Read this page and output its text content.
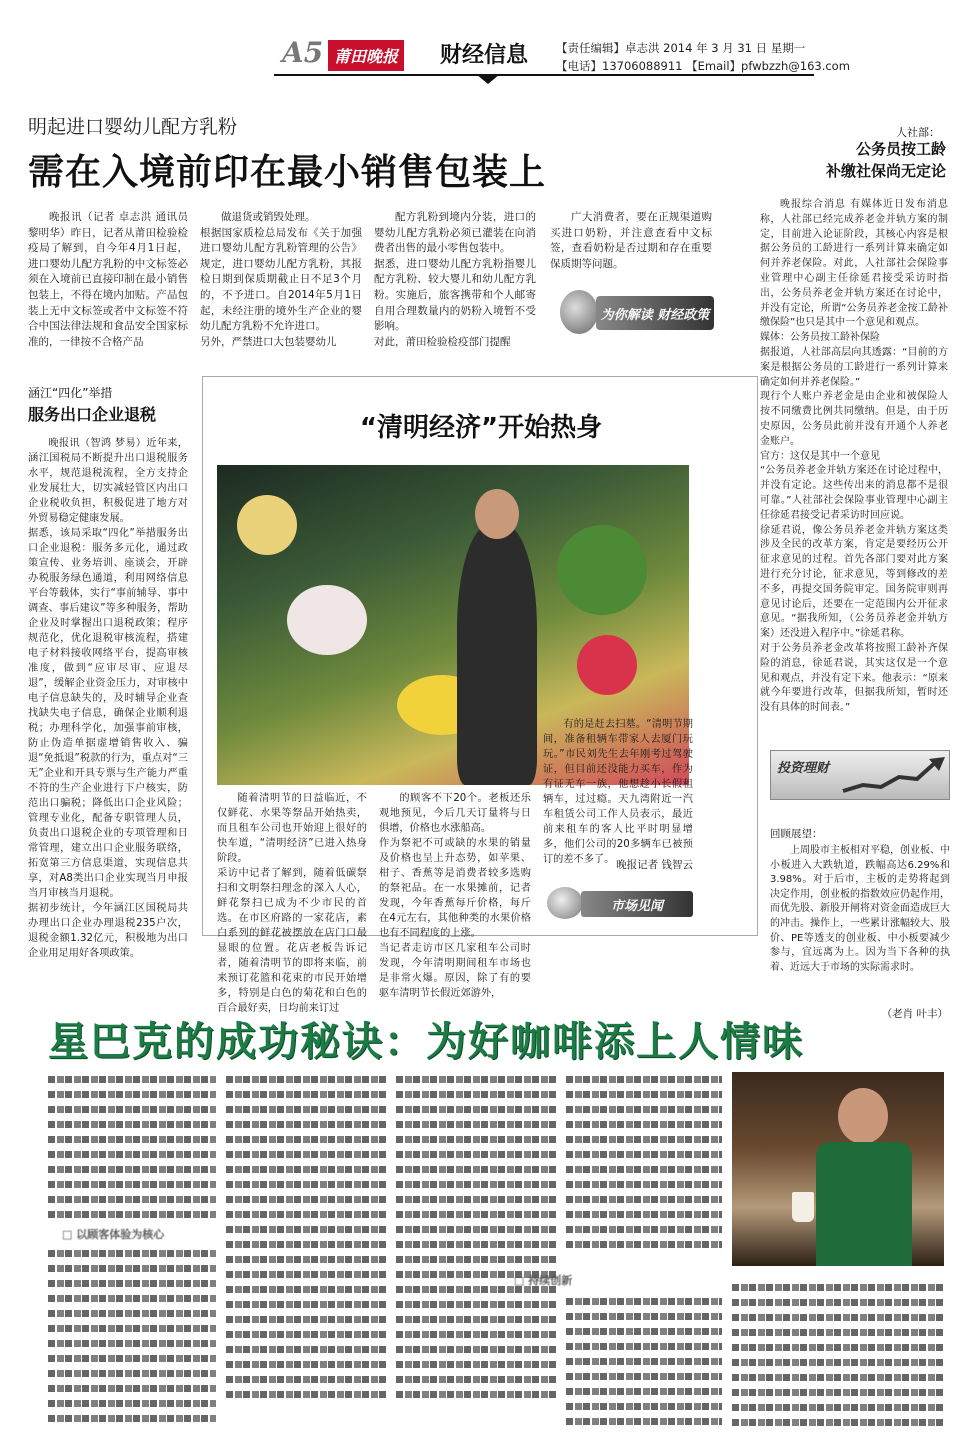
A5 莆田晚报 财经信息 【责任编辑】卓志洪 2014 年 3 月 31 日 星期一
【电话】13706088911 【Email】pfwbzzh@163.com
明起进口婴幼儿配方乳粉
需在入境前印在最小销售包装上

晚报讯（记者 卓志洪 通讯员 黎明华）昨日，记者从莆田检验检疫局了解到，自今年4月1日起，进口婴幼儿配方乳粉的中文标签必须在入境前已直接印制在最小销售包装上，不得在境内加贴。产品包装上无中文标签或者中文标签不符合中国法律法规和食品安全国家标准的，一律按不合格产品

做退货或销毁处理。
根据国家质检总局发布《关于加强进口婴幼儿配方乳粉管理的公告》规定，进口婴幼儿配方乳粉，其报检日期到保质期截止日不足3个月的，不予进口。自2014年5月1日起，未经注册的境外生产企业的婴幼儿配方乳粉不允许进口。
另外，严禁进口大包装婴幼儿

配方乳粉到境内分装，进口的婴幼儿配方乳粉必须已灌装在向消费者出售的最小零售包装中。
据悉，进口婴幼儿配方乳粉指婴儿配方乳粉、较大婴儿和幼儿配方乳粉。实施后，旅客携带和个人邮寄自用合理数量内的奶粉入境暂不受影响。
对此，莆田检验检疫部门提醒

广大消费者，要在正规渠道购买进口奶粉，并注意查看中文标签，查看奶粉是否过期和存在重要保质期等问题。

为你解读 财经政策
人社部：
公务员按工龄
补缴社保尚无定论

晚报综合消息 有媒体近日发布消息称，人社部已经完成养老金并轨方案的制定，目前进入论证阶段，其核心内容是根据公务员的工龄进行一系列计算来确定如何并养老保险。对此，人社部社会保险事业管理中心副主任徐延君接受采访时指出，公务员养老金并轨方案还在讨论中，并没有定论，所谓“公务员养老金按工龄补缴保险”也只是其中一个意见和观点。
媒体：公务员按工龄补保险
据报道，人社部高层向其透露：“目前的方案是根据公务员的工龄进行一系列计算来确定如何并养老保险。”
现行个人账户养老金是由企业和被保险人按不同缴费比例共同缴纳。但是，由于历史原因，公务员此前并没有开通个人养老金账户。
官方：这仅是其中一个意见
“公务员养老金并轨方案还在讨论过程中，并没有定论。这些传出来的消息都不是很可靠。”人社部社会保险事业管理中心副主任徐延君接受记者采访时回应说。
徐延君说，像公务员养老金并轨方案这类涉及全民的改革方案，肯定是要经历公开征求意见的过程。首先各部门要对此方案进行充分讨论，征求意见，等到修改的差不多，再提交国务院审定。国务院审则再意见讨论后，还要在一定范围内公开征求意见。“据我所知，（公务员养老金并轨方案）还没进入程序中。”徐延君称。
对于公务员养老金改革将按照工龄补齐保险的消息，徐延君说，其实这仅是一个意见和观点，并没有定下来。他表示：“原来就今年要进行改革，但据我所知，暂时还没有具体的时间表。”

投资理财
回顾展望：

上周股市主板相对平稳，创业板、中小板进入大跌轨道，跌幅高达6.29%和3.98%。对于后市，主板的走势将起到决定作用，创业板的指数效应仍起作用，而优先股、新股开闸将对资金面造成巨大的冲击。操作上，一些累计涨幅较大、股价、PE等透支的创业板、中小板要减少参与，宜远离为上。因为当下各种的执着、近远大于市场的实际需求时。

（老肖 叶丰）
涵江“四化”举措
服务出口企业退税

晚报讯（智鸿 梦易）近年来，涵江国税局不断提升出口退税服务水平，规范退税流程，全方支持企业发展壮大，切实减轻管区内出口企业税收负担，积极促进了地方对外贸易稳定健康发展。
据悉，该局采取“四化”举措服务出口企业退税：服务多元化，通过政策宣传、业务培训、座谈会，开辟办税服务绿色通道，利用网络信息平台等载体，实行“事前辅导、事中调查、事后建议”等多种服务，帮助企业及时掌握出口退税政策；程序规范化，优化退税审核流程，搭建电子材料接收网络平台，提高审核准度，做到“应审尽审、应退尽退”，缓解企业资金压力，对审核中电子信息缺失的，及时辅导企业查找缺失电子信息，确保企业顺利退税；办理科学化，加强事前审核，防止伪造单据虚增销售收入、骗退“免抵退”税款的行为，重点对“三无”企业和开具专票与生产能力严重不符的生产企业进行下户核实，防范出口骗税；降低出口企业风险；管理专业化，配备专职管理人员，负责出口退税企业的专项管理和日常管理，建立出口企业服务联络，拓宽第三方信息渠道，实现信息共享，对A8类出口企业实现当月申报当月审核当月退税。
据初步统计，今年涵江区国税局共办理出口企业办理退税235户次，退税金额1.32亿元，积极地为出口企业用足用好各项政策。

“清明经济”开始热身

随着清明节的日益临近，不仅鲜花、水果等祭品开始热卖，而且租车公司也开始迎上很好的快车道，“清明经济”已进入热身阶段。
采访中记者了解到，随着低碳祭扫和文明祭扫理念的深入人心，鲜花祭扫已成为不少市民的首选。在市区府路的一家花店，素白系列的鲜花被摆放在店门口最显眼的位置。花店老板告诉记者，随着清明节的即将来临，前来预订花篮和花束的市民开始增多，特别是白色的菊花和白色的百合最好卖，日均前来订过

的顾客不下20个。老板还乐观地预见，今后几天订量将与日俱增，价格也水涨船高。
作为祭祀不可或缺的水果的销量及价格也呈上升态势，如苹果、柑子、香蕉等是消费者较多选购的祭祀品。在一水果摊前，记者发现，今年香蕉每斤价格，每斤在4元左右，其他种类的水果价格也有不同程度的上涨。
当记者走访市区几家租车公司时发现，今年清明期间租车市场也是非常火爆。原因，除了有的要驱车清明节长假近郊游外，

有的是赶去扫墓。“清明节期间，准备租辆车带家人去厦门玩玩。”市民刘先生去年刚考过驾驶证，但目前还没能力买车，作为有证无车一族，他想趁小长假租辆车，过过瘾。天九湾附近一汽车租赁公司工作人员表示，最近前来租车的客人比平时明显增多，他们公司的20多辆车已被预订的差不多了。 晚报记者 钱智云
市场见闻
星巴克的成功秘诀：为好咖啡添上人情味
□ 以顾客体验为核心
□ 持续创新
